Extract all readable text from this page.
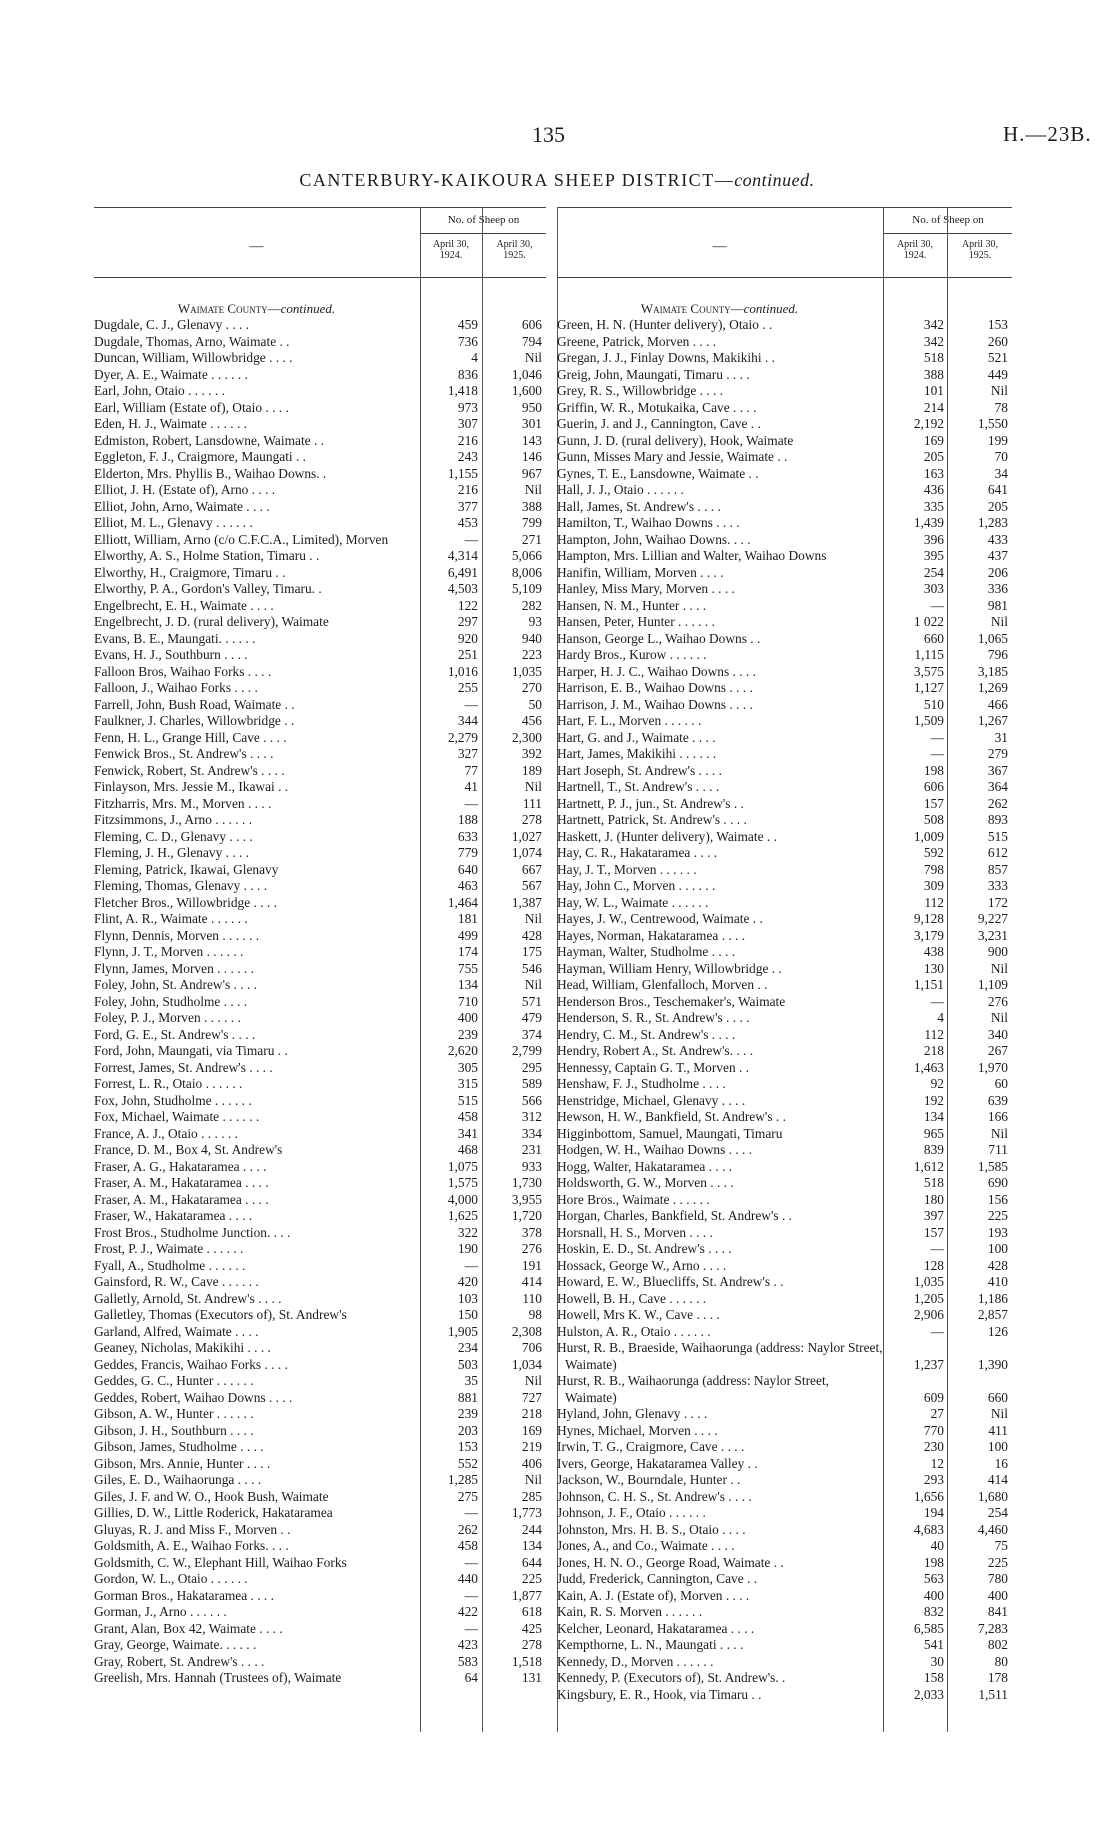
135	H.—23B.
CANTERBURY-KAIKOURA SHEEP DISTRICT—continued.
—
No. of Sheep on
April 30,
1924.
April 30,
1925.
Waimate County—continued.
Dugdale, C. J., Glenavy . . . .	459	606
Dugdale, Thomas, Arno, Waimate . .	736	794
Duncan, William, Willowbridge . . . .	4	Nil
Dyer, A. E., Waimate . . . . . .	836	1,046
Earl, John, Otaio . . . . . .	1,418	1,600
Earl, William (Estate of), Otaio . . . .	973	950
Eden, H. J., Waimate . . . . . .	307	301
Edmiston, Robert, Lansdowne, Waimate . .	216	143
Eggleton, F. J., Craigmore, Maungati . .	243	146
Elderton, Mrs. Phyllis B., Waihao Downs. .	1,155	967
Elliot, J. H. (Estate of), Arno . . . .	216	Nil
Elliot, John, Arno, Waimate . . . .	377	388
Elliot, M. L., Glenavy . . . . . .	453	799
Elliott, William, Arno (c/o C.F.C.A., Limited), Morven	—	271
Elworthy, A. S., Holme Station, Timaru . .	4,314	5,066
Elworthy, H., Craigmore, Timaru . .	6,491	8,006
Elworthy, P. A., Gordon's Valley, Timaru. .	4,503	5,109
Engelbrecht, E. H., Waimate . . . .	122	282
Engelbrecht, J. D. (rural delivery), Waimate	297	93
Evans, B. E., Maungati. . . . . .	920	940
Evans, H. J., Southburn . . . .	251	223
Falloon Bros, Waihao Forks . . . .	1,016	1,035
Falloon, J., Waihao Forks . . . .	255	270
Farrell, John, Bush Road, Waimate . .	—	50
Faulkner, J. Charles, Willowbridge . .	344	456
Fenn, H. L., Grange Hill, Cave . . . .	2,279	2,300
Fenwick Bros., St. Andrew's . . . .	327	392
Fenwick, Robert, St. Andrew's . . . .	77	189
Finlayson, Mrs. Jessie M., Ikawai . .	41	Nil
Fitzharris, Mrs. M., Morven . . . .	—	111
Fitzsimmons, J., Arno . . . . . .	188	278
Fleming, C. D., Glenavy . . . .	633	1,027
Fleming, J. H., Glenavy . . . .	779	1,074
Fleming, Patrick, Ikawai, Glenavy	640	667
Fleming, Thomas, Glenavy . . . .	463	567
Fletcher Bros., Willowbridge . . . .	1,464	1,387
Flint, A. R., Waimate . . . . . .	181	Nil
Flynn, Dennis, Morven . . . . . .	499	428
Flynn, J. T., Morven . . . . . .	174	175
Flynn, James, Morven . . . . . .	755	546
Foley, John, St. Andrew's . . . .	134	Nil
Foley, John, Studholme . . . .	710	571
Foley, P. J., Morven . . . . . .	400	479
Ford, G. E., St. Andrew's . . . .	239	374
Ford, John, Maungati, via Timaru . .	2,620	2,799
Forrest, James, St. Andrew's . . . .	305	295
Forrest, L. R., Otaio . . . . . .	315	589
Fox, John, Studholme . . . . . .	515	566
Fox, Michael, Waimate . . . . . .	458	312
France, A. J., Otaio . . . . . .	341	334
France, D. M., Box 4, St. Andrew's	468	231
Fraser, A. G., Hakataramea . . . .	1,075	933
Fraser, A. M., Hakataramea . . . .	1,575	1,730
Fraser, A. M., Hakataramea . . . .	4,000	3,955
Fraser, W., Hakataramea . . . .	1,625	1,720
Frost Bros., Studholme Junction. . . .	322	378
Frost, P. J., Waimate . . . . . .	190	276
Fyall, A., Studholme . . . . . .	—	191
Gainsford, R. W., Cave . . . . . .	420	414
Galletly, Arnold, St. Andrew's . . . .	103	110
Galletley, Thomas (Executors of), St. Andrew's	150	98
Garland, Alfred, Waimate . . . .	1,905	2,308
Geaney, Nicholas, Makikihi . . . .	234	706
Geddes, Francis, Waihao Forks . . . .	503	1,034
Geddes, G. C., Hunter . . . . . .	35	Nil
Geddes, Robert, Waihao Downs . . . .	881	727
Gibson, A. W., Hunter . . . . . .	239	218
Gibson, J. H., Southburn . . . .	203	169
Gibson, James, Studholme . . . .	153	219
Gibson, Mrs. Annie, Hunter . . . .	552	406
Giles, E. D., Waihaorunga . . . .	1,285	Nil
Giles, J. F. and W. O., Hook Bush, Waimate	275	285
Gillies, D. W., Little Roderick, Hakataramea	—	1,773
Gluyas, R. J. and Miss F., Morven . .	262	244
Goldsmith, A. E., Waihao Forks. . . .	458	134
Goldsmith, C. W., Elephant Hill, Waihao Forks	—	644
Gordon, W. L., Otaio . . . . . .	440	225
Gorman Bros., Hakataramea . . . .	—	1,877
Gorman, J., Arno . . . . . .	422	618
Grant, Alan, Box 42, Waimate . . . .	—	425
Gray, George, Waimate. . . . . .	423	278
Gray, Robert, St. Andrew's . . . .	583	1,518
Greelish, Mrs. Hannah (Trustees of), Waimate	64	131
—
No. of Sheep on
April 30,
1924.
April 30,
1925.
Waimate County—continued.
Green, H. N. (Hunter delivery), Otaio . .	342	153
Greene, Patrick, Morven . . . .	342	260
Gregan, J. J., Finlay Downs, Makikihi . .	518	521
Greig, John, Maungati, Timaru . . . .	388	449
Grey, R. S., Willowbridge . . . .	101	Nil
Griffin, W. R., Motukaika, Cave . . . .	214	78
Guerin, J. and J., Cannington, Cave . .	2,192	1,550
Gunn, J. D. (rural delivery), Hook, Waimate	169	199
Gunn, Misses Mary and Jessie, Waimate . .	205	70
Gynes, T. E., Lansdowne, Waimate . .	163	34
Hall, J. J., Otaio . . . . . .	436	641
Hall, James, St. Andrew's . . . .	335	205
Hamilton, T., Waihao Downs . . . .	1,439	1,283
Hampton, John, Waihao Downs. . . .	396	433
Hampton, Mrs. Lillian and Walter, Waihao Downs	395	437
Hanifin, William, Morven . . . .	254	206
Hanley, Miss Mary, Morven . . . .	303	336
Hansen, N. M., Hunter . . . .	—	981
Hansen, Peter, Hunter . . . . . .	1 022	Nil
Hanson, George L., Waihao Downs . .	660	1,065
Hardy Bros., Kurow . . . . . .	1,115	796
Harper, H. J. C., Waihao Downs . . . .	3,575	3,185
Harrison, E. B., Waihao Downs . . . .	1,127	1,269
Harrison, J. M., Waihao Downs . . . .	510	466
Hart, F. L., Morven . . . . . .	1,509	1,267
Hart, G. and J., Waimate . . . .	—	31
Hart, James, Makikihi . . . . . .	—	279
Hart Joseph, St. Andrew's . . . .	198	367
Hartnell, T., St. Andrew's . . . .	606	364
Hartnett, P. J., jun., St. Andrew's . .	157	262
Hartnett, Patrick, St. Andrew's . . . .	508	893
Haskett, J. (Hunter delivery), Waimate . .	1,009	515
Hay, C. R., Hakataramea . . . .	592	612
Hay, J. T., Morven . . . . . .	798	857
Hay, John C., Morven . . . . . .	309	333
Hay, W. L., Waimate . . . . . .	112	172
Hayes, J. W., Centrewood, Waimate . .	9,128	9,227
Hayes, Norman, Hakataramea . . . .	3,179	3,231
Hayman, Walter, Studholme . . . .	438	900
Hayman, William Henry, Willowbridge . .	130	Nil
Head, William, Glenfalloch, Morven . .	1,151	1,109
Henderson Bros., Teschemaker's, Waimate	—	276
Henderson, S. R., St. Andrew's . . . .	4	Nil
Hendry, C. M., St. Andrew's . . . .	112	340
Hendry, Robert A., St. Andrew's. . . .	218	267
Hennessy, Captain G. T., Morven . .	1,463	1,970
Henshaw, F. J., Studholme . . . .	92	60
Henstridge, Michael, Glenavy . . . .	192	639
Hewson, H. W., Bankfield, St. Andrew's . .	134	166
Higginbottom, Samuel, Maungati, Timaru	965	Nil
Hodgen, W. H., Waihao Downs . . . .	839	711
Hogg, Walter, Hakataramea . . . .	1,612	1,585
Holdsworth, G. W., Morven . . . .	518	690
Hore Bros., Waimate . . . . . .	180	156
Horgan, Charles, Bankfield, St. Andrew's . .	397	225
Horsnall, H. S., Morven . . . .	157	193
Hoskin, E. D., St. Andrew's . . . .	—	100
Hossack, George W., Arno . . . .	128	428
Howard, E. W., Bluecliffs, St. Andrew's . .	1,035	410
Howell, B. H., Cave . . . . . .	1,205	1,186
Howell, Mrs K. W., Cave . . . .	2,906	2,857
Hulston, A. R., Otaio . . . . . .	—	126
Hurst, R. B., Braeside, Waihaorunga (address: Naylor Street, Waimate)	1,237	1,390
Hurst, R. B., Waihaorunga (address: Naylor Street, Waimate)	609	660
Hyland, John, Glenavy . . . .	27	Nil
Hynes, Michael, Morven . . . .	770	411
Irwin, T. G., Craigmore, Cave . . . .	230	100
Ivers, George, Hakataramea Valley . .	12	16
Jackson, W., Bourndale, Hunter . .	293	414
Johnson, C. H. S., St. Andrew's . . . .	1,656	1,680
Johnson, J. F., Otaio . . . . . .	194	254
Johnston, Mrs. H. B. S., Otaio . . . .	4,683	4,460
Jones, A., and Co., Waimate . . . .	40	75
Jones, H. N. O., George Road, Waimate . .	198	225
Judd, Frederick, Cannington, Cave . .	563	780
Kain, A. J. (Estate of), Morven . . . .	400	400
Kain, R. S. Morven . . . . . .	832	841
Kelcher, Leonard, Hakataramea . . . .	6,585	7,283
Kempthorne, L. N., Maungati . . . .	541	802
Kennedy, D., Morven . . . . . .	30	80
Kennedy, P. (Executors of), St. Andrew's. .	158	178
Kingsbury, E. R., Hook, via Timaru . .	2,033	1,511
